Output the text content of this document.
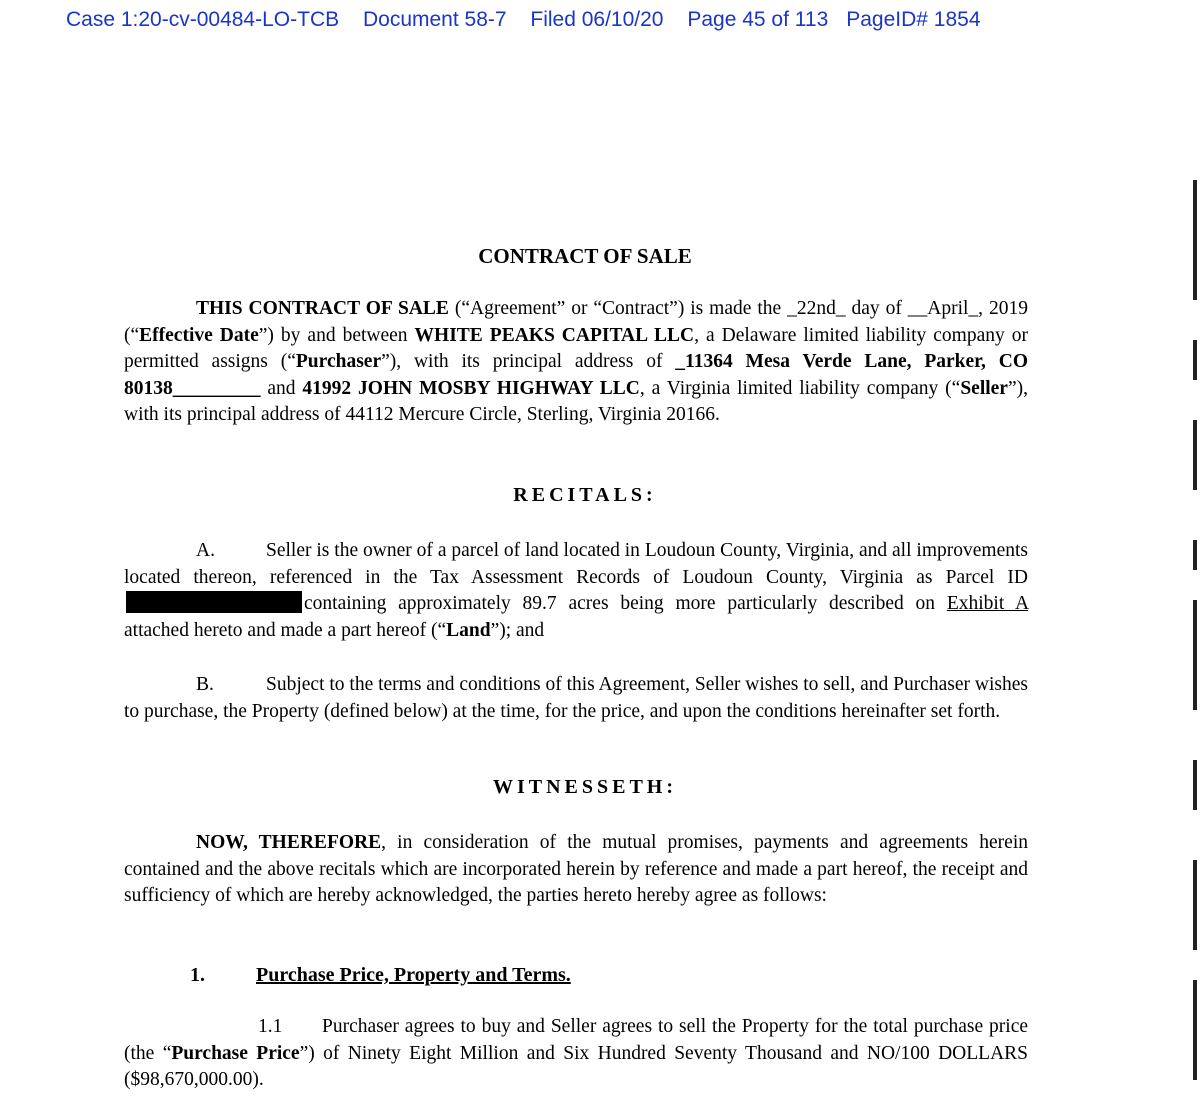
Case 1:20-cv-00484-LO-TCB Document 58-7 Filed 06/10/20 Page 45 of 113 PageID# 1854
CONTRACT OF SALE
THIS CONTRACT OF SALE (“Agreement” or “Contract”) is made the _22nd_ day of __April_, 2019 (“Effective Date”) by and between WHITE PEAKS CAPITAL LLC, a Delaware limited liability company or permitted assigns (“Purchaser”), with its principal address of _11364 Mesa Verde Lane, Parker, CO 80138_________ and 41992 JOHN MOSBY HIGHWAY LLC, a Virginia limited liability company (“Seller”), with its principal address of 44112 Mercure Circle, Sterling, Virginia 20166.
RECITALS:
A.	Seller is the owner of a parcel of land located in Loudoun County, Virginia, and all improvements located thereon, referenced in the Tax Assessment Records of Loudoun County, Virginia as Parcel IDcontaining approximately 89.7 acres being more particularly described on Exhibit A attached hereto and made a part hereof (“Land”); and
B.	Subject to the terms and conditions of this Agreement, Seller wishes to sell, and Purchaser wishes to purchase, the Property (defined below) at the time, for the price, and upon the conditions hereinafter set forth.
WITNESSETH:
NOW, THEREFORE, in consideration of the mutual promises, payments and agreements herein contained and the above recitals which are incorporated herein by reference and made a part hereof, the receipt and sufficiency of which are hereby acknowledged, the parties hereto hereby agree as follows:
1.	Purchase Price, Property and Terms.
1.1 Purchaser agrees to buy and Seller agrees to sell the Property for the total purchase price (the “Purchase Price”) of Ninety Eight Million and Six Hundred Seventy Thousand and NO/100 DOLLARS ($98,670,000.00).
